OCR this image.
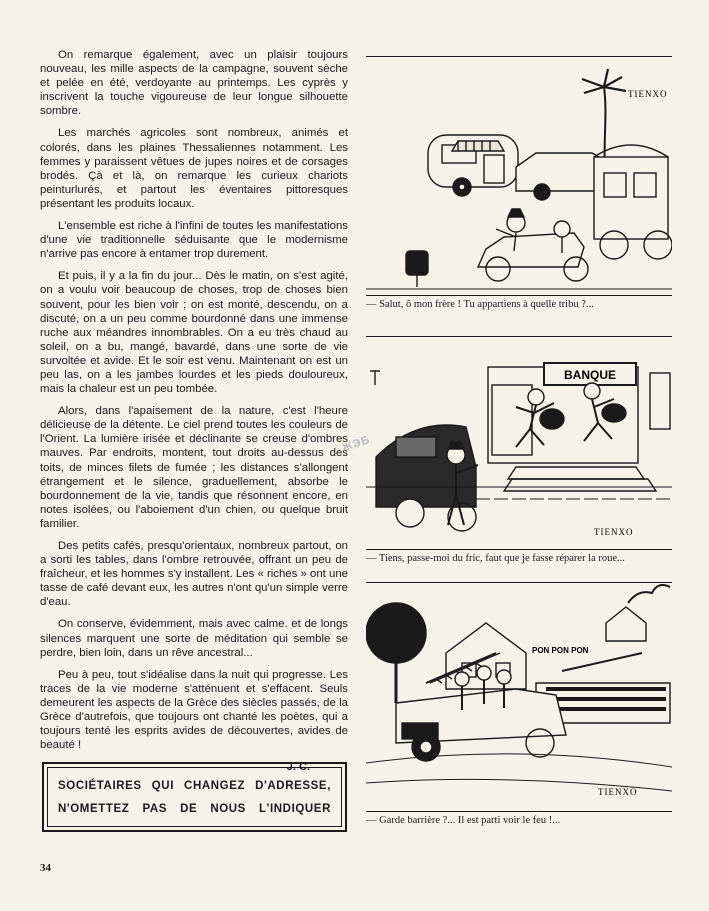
On remarque également, avec un plaisir toujours nouveau, les mille aspects de la campagne, souvent sèche et pelée en été, verdoyante au printemps. Les cyprès y inscrivent la touche vigoureuse de leur longue silhouette sombre.

Les marchés agricoles sont nombreux, animés et colorés, dans les plaines Thessaliennes notamment. Les femmes y paraissent vêtues de jupes noires et de corsages brodés. Çà et là, on remarque les curieux chariots peinturlurés, et partout les éventaires pittoresques présentant les produits locaux.

L'ensemble est riche à l'infini de toutes les manifestations d'une vie traditionnelle séduisante que le modernisme n'arrive pas encore à entamer trop durement.

Et puis, il y a la fin du jour... Dès le matin, on s'est agité, on a voulu voir beaucoup de choses, trop de choses bien souvent, pour les bien voir ; on est monté, descendu, on a discuté, on a un peu comme bourdonné dans une immense ruche aux méandres innombrables. On a eu très chaud au soleil, on a bu, mangé, bavardé, dans une sorte de vie survoltée et avide. Et le soir est venu. Maintenant on est un peu las, on a les jambes lourdes et les pieds douloureux, mais la chaleur est un peu tombée.

Alors, dans l'apaisement de la nature, c'est l'heure délicieuse de la détente. Le ciel prend toutes les couleurs de l'Orient. La lumière irisée et déclinante se creuse d'ombres mauves. Par endroits, montent, tout droits au-dessus des toits, de minces filets de fumée ; les distances s'allongent étrangement et le silence, graduellement, absorbe le bourdonnement de la vie, tandis que résonnent encore, en notes isolées, ou l'aboiement d'un chien, ou quelque bruit familier.

Des petits cafés, presqu'orientaux, nombreux partout, on a sorti les tables, dans l'ombre retrouvée, offrant un peu de fraîcheur, et les hommes s'y installent. Les « riches » ont une tasse de café devant eux, les autres n'ont qu'un simple verre d'eau.

On conserve, évidemment, mais avec calme. et de longs silences marquent une sorte de méditation qui semble se perdre, bien loin, dans un rêve ancestral...

Peu à peu, tout s'idéalise dans la nuit qui progresse. Les traces de la vie moderne s'atténuent et s'effacent. Seuls demeurent les aspects de la Grèce des siècles passés, de la Grèce d'autrefois, que toujours ont chanté les poètes, qui a toujours tenté les esprits avides de découvertes, avides de beauté !

J. C.
SOCIÉTAIRES QUI CHANGEZ D'ADRESSE,
N'OMETTEZ PAS DE NOUS L'INDIQUER
34
ЖЭБ
TIENXO
— Salut, ô mon frère ! Tu appartiens à quelle tribu ?...
BANQUE
TIENXO
— Tiens, passe-moi du fric, faut que je fasse réparer la roue...
PON PON PON
TIENXO
— Garde barrière ?... Il est parti voir le feu !...
